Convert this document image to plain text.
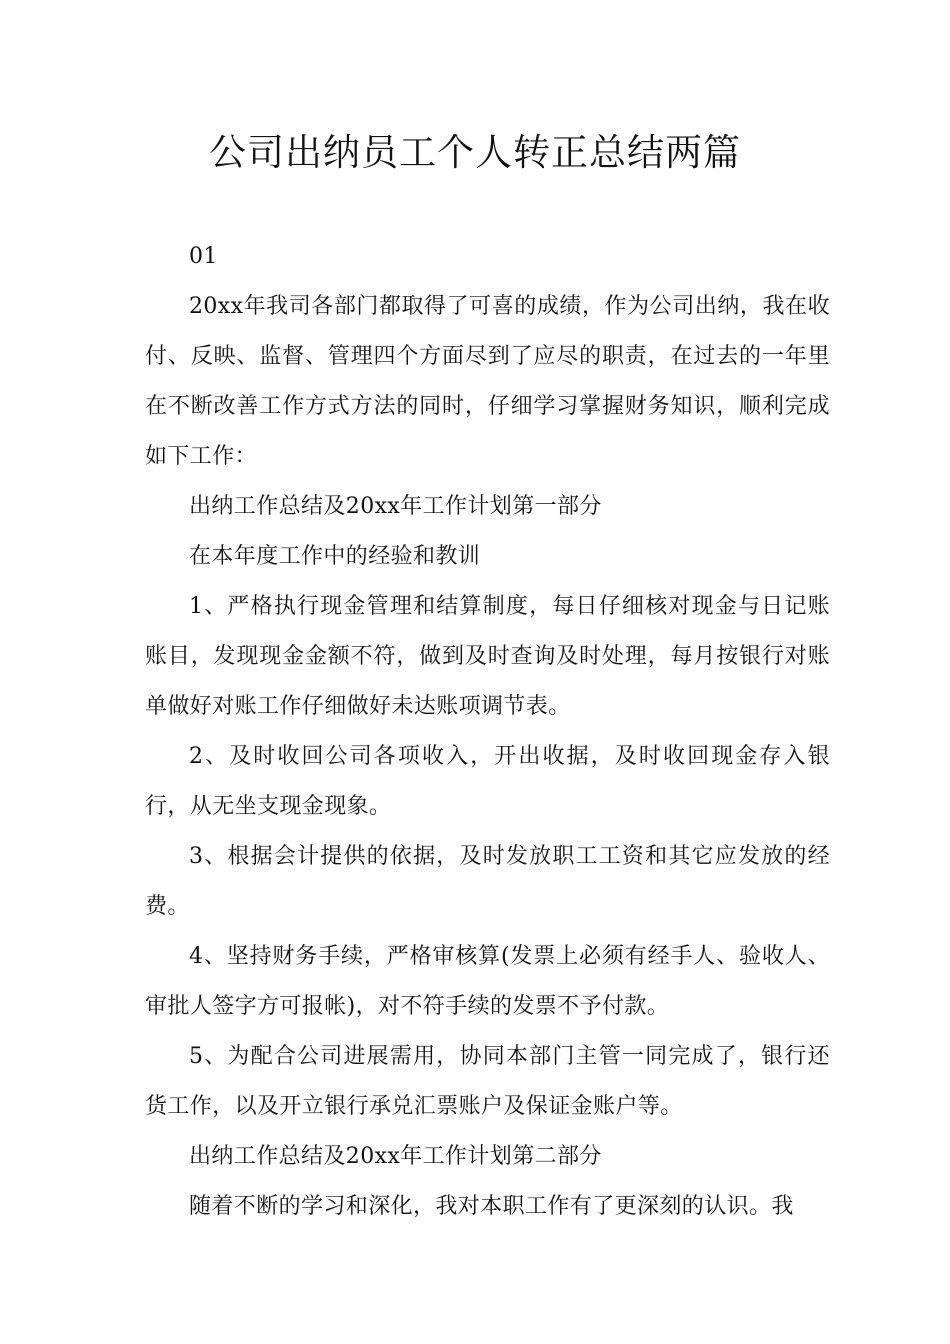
公司出纳员工个人转正总结两篇

01

20xx年我司各部门都取得了可喜的成绩，作为公司出纳，我在收付、反映、监督、管理四个方面尽到了应尽的职责，在过去的一年里在不断改善工作方式方法的同时，仔细学习掌握财务知识，顺利完成如下工作：

出纳工作总结及20xx年工作计划第一部分

在本年度工作中的经验和教训

1、严格执行现金管理和结算制度，每日仔细核对现金与日记账账目，发现现金金额不符，做到及时查询及时处理，每月按银行对账单做好对账工作仔细做好未达账项调节表。

2、及时收回公司各项收入，开出收据，及时收回现金存入银行，从无坐支现金现象。

3、根据会计提供的依据，及时发放职工工资和其它应发放的经费。

4、坚持财务手续，严格审核算(发票上必须有经手人、验收人、审批人签字方可报帐)，对不符手续的发票不予付款。

5、为配合公司进展需用，协同本部门主管一同完成了，银行还货工作，以及开立银行承兑汇票账户及保证金账户等。

出纳工作总结及20xx年工作计划第二部分

随着不断的学习和深化，我对本职工作有了更深刻的认识。我
